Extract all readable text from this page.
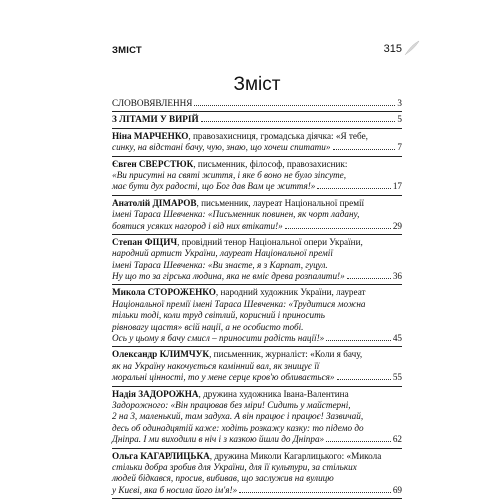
ЗМІСТ	315
Зміст
СЛОВОВЯВЛЕННЯ	3
З ЛІТАМИ У ВИРІЙ	5
Ніна МАРЧЕНКО, правозахисниця, громадська діячка: «Я тебе,
синку, на відстані бачу, чую, знаю, що хочеш спитати»	7
Євген СВЕРСТЮК, письменник, філософ, правозахисник:
«Ви присутні на святі життя, і яке б воно не було зіпсуте,
має бути дух радості, що Бог дав Вам це життя!»	17
Анатолій ДІМАРОВ, письменник, лауреат Національної премії
імені Тараса Шевченка: «Письменник повинен, як чорт ладану,
боятися усяких нагород і від них втікати!»	29
Степан ФІЦИЧ, провідний тенор Національної опери України,
народний артист України, лауреат Національної премії
імені Тараса Шевченка: «Ви знаєте, я з Карпат, гуцул.
Ну що то за гірська людина, яка не вміє древа розпалити!»	36
Микола СТОРОЖЕНКО, народний художник України, лауреат
Національної премії імені Тараса Шевченка: «Трудитися можна
тільки тоді, коли труд світлий, корисний і приносить
рівновагу щастя» всій нації, а не особисто тобі.
Ось у цьому я бачу смисл – приносити радість нації!»	45
Олександр КЛИМЧУК, письменник, журналіст: «Коли я бачу,
як на Україну накочується камінний вал, як знищує її
моральні цінності, то у мене серце кров'ю обливається»	55
Надія ЗАДОРОЖНА, дружина художника Івана-Валентина
Задорожного: «Він працював без міри! Сидить у майстерні,
2 на 3, маленький, там задуха. А він працює і працює! Зазвичай,
десь об одинадцятій каже: ходіть розкажу казку: то підемо до
Дніпра. І ми виходили в ніч і з казкою йшли до Дніпра»	62
Ольга КАГАРЛИЦЬКА, дружина Миколи Кагарлицького: «Микола
стільки добра зробив для України, для її культури, за стільких
людей бідкався, просив, вибивав, що заслужив на вулицю
у Києві, яка б носила його ім'я!»	69
